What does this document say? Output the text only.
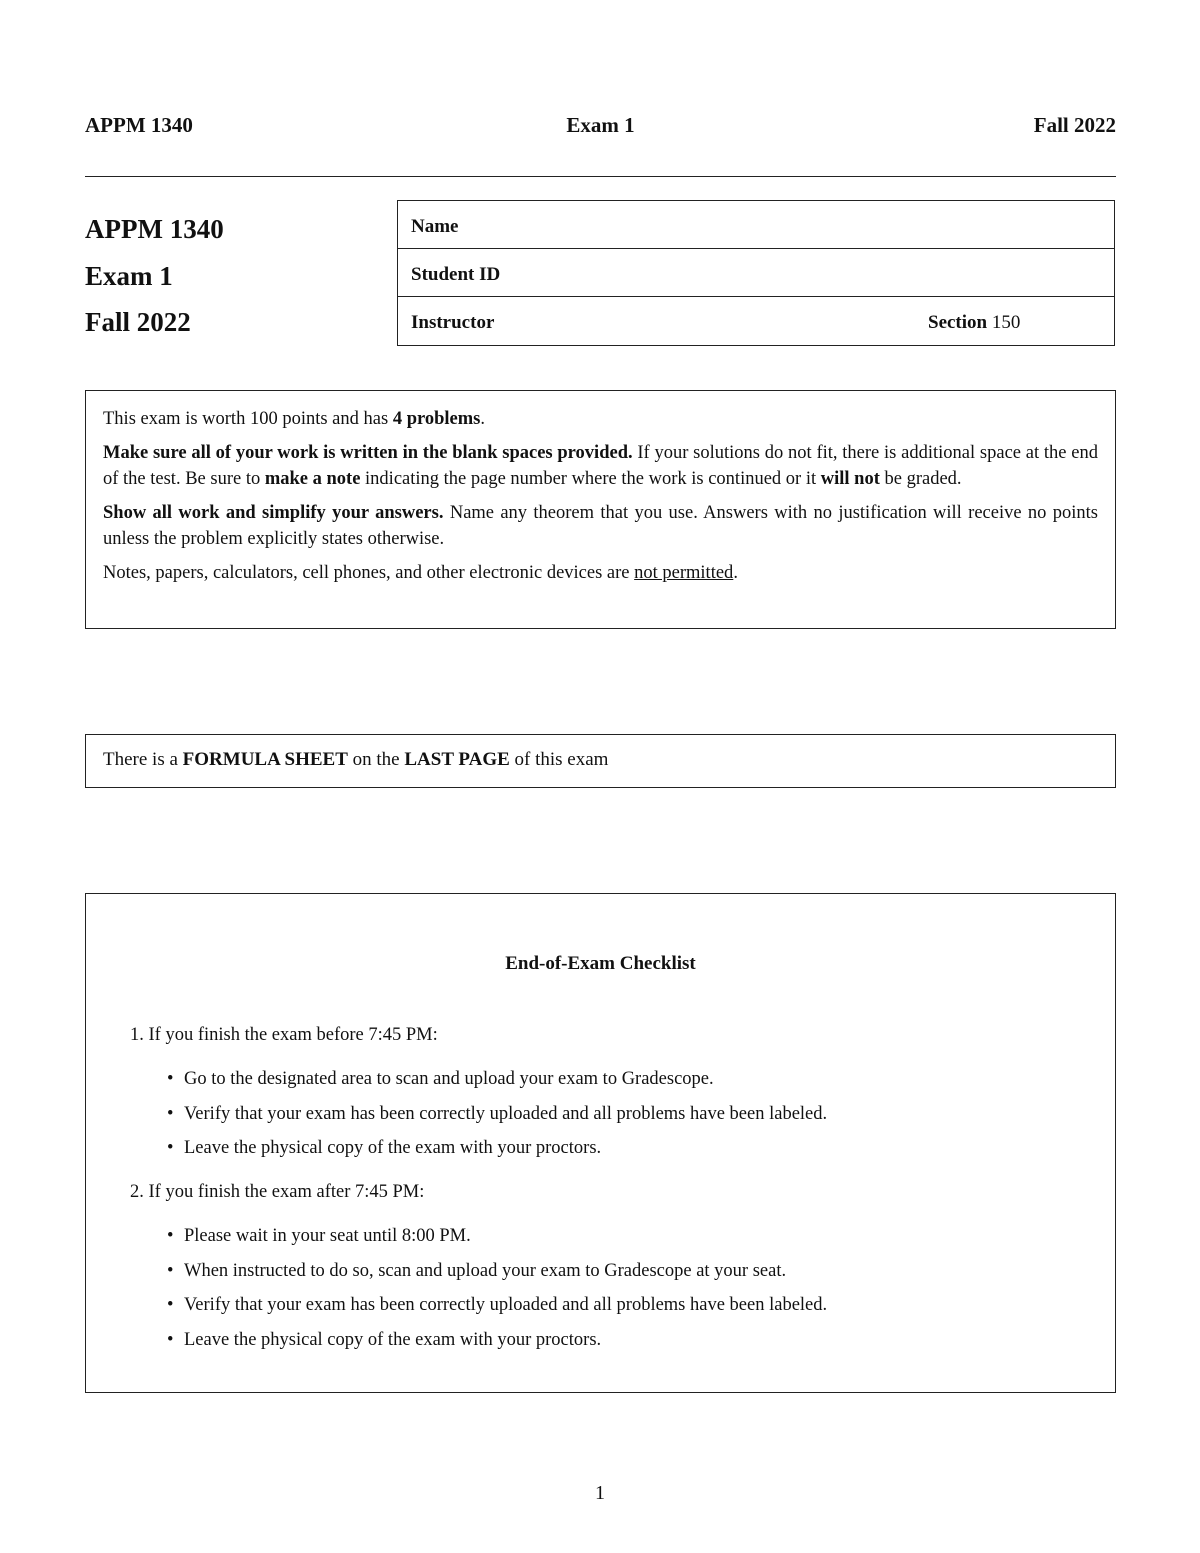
APPM 1340	Exam 1	Fall 2022
APPM 1340
Exam 1
Fall 2022
Name
Student ID
Instructor	Section 150

This exam is worth 100 points and has 4 problems.

Make sure all of your work is written in the blank spaces provided. If your solutions do not fit, there is additional space at the end of the test. Be sure to make a note indicating the page number where the work is continued or it will not be graded.

Show all work and simplify your answers. Name any theorem that you use. Answers with no justification will receive no points unless the problem explicitly states otherwise.

Notes, papers, calculators, cell phones, and other electronic devices are not permitted.

There is a FORMULA SHEET on the LAST PAGE of this exam
End-of-Exam Checklist
1. If you finish the exam before 7:45 PM:
• Go to the designated area to scan and upload your exam to Gradescope.
• Verify that your exam has been correctly uploaded and all problems have been labeled.
• Leave the physical copy of the exam with your proctors.
2. If you finish the exam after 7:45 PM:
• Please wait in your seat until 8:00 PM.
• When instructed to do so, scan and upload your exam to Gradescope at your seat.
• Verify that your exam has been correctly uploaded and all problems have been labeled.
• Leave the physical copy of the exam with your proctors.
1
